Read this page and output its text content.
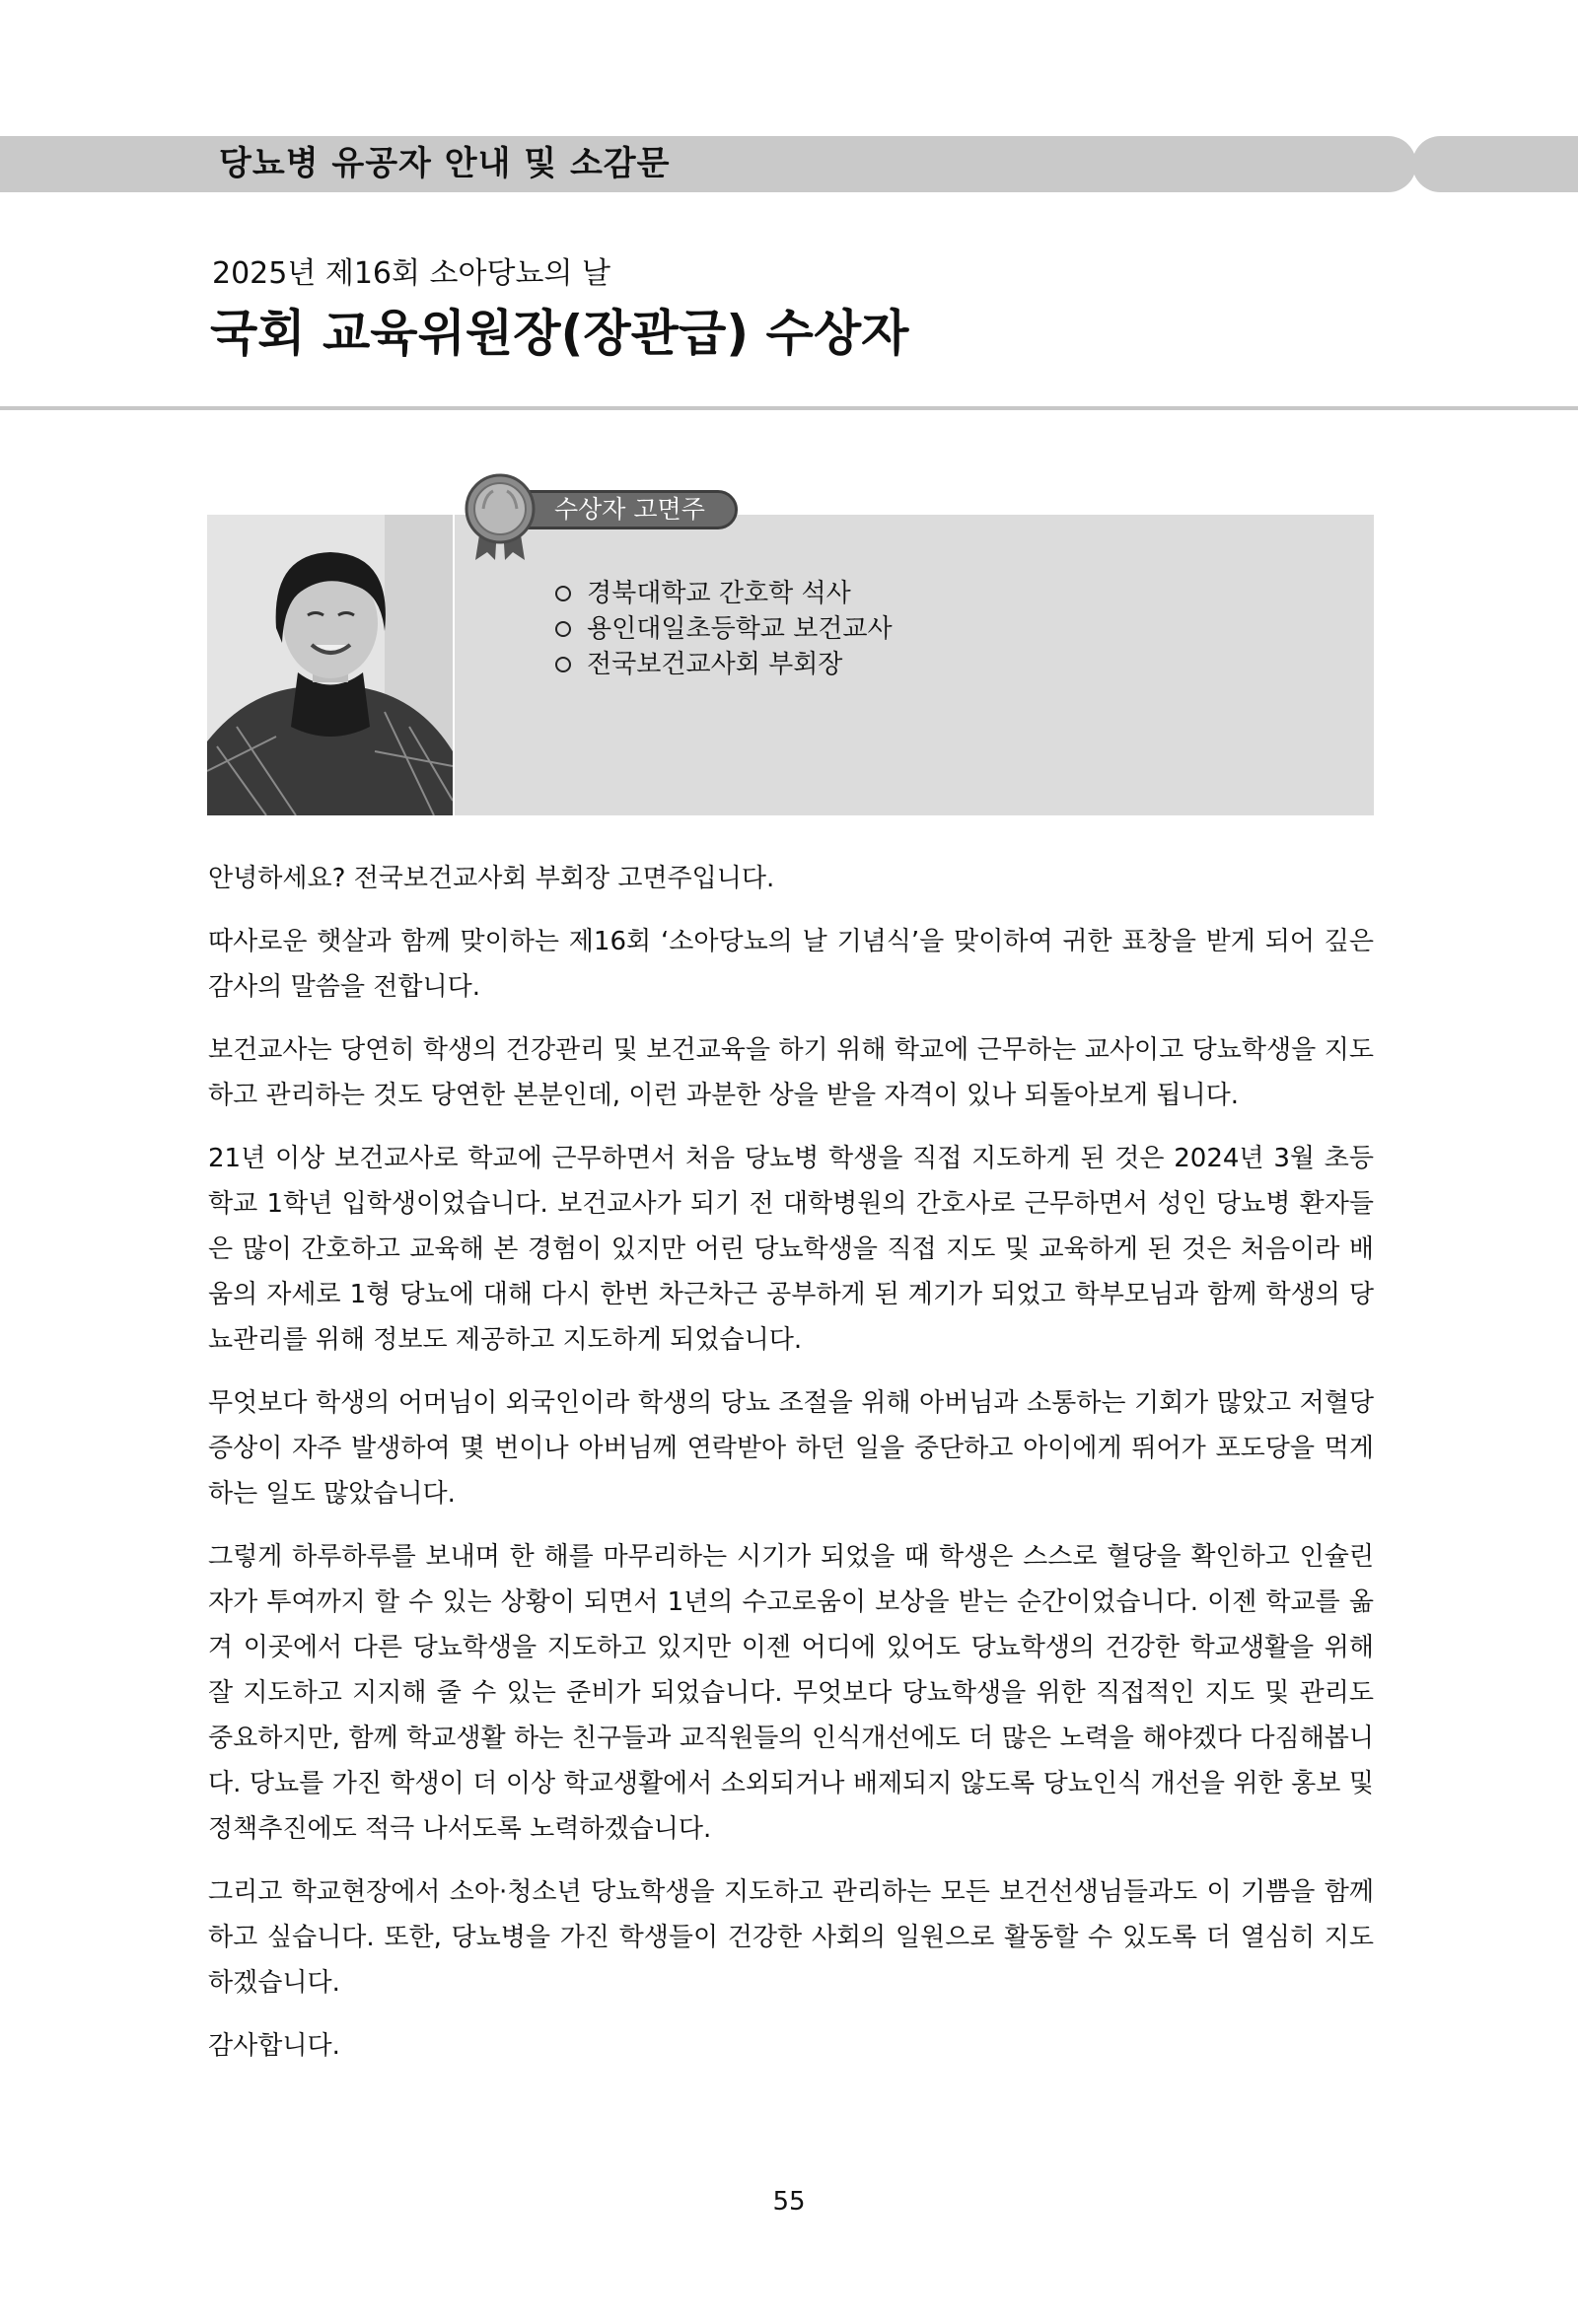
당뇨병 유공자 안내 및 소감문
2025년 제16회 소아당뇨의 날
국회 교육위원장(장관급) 수상자
수상자 고면주
경북대학교 간호학 석사
용인대일초등학교 보건교사
전국보건교사회 부회장

안녕하세요? 전국보건교사회 부회장 고면주입니다.

따사로운 햇살과 함께 맞이하는 제16회 ‘소아당뇨의 날 기념식’을 맞이하여 귀한 표창을 받게 되어 깊은 감사의 말씀을 전합니다.

보건교사는 당연히 학생의 건강관리 및 보건교육을 하기 위해 학교에 근무하는 교사이고 당뇨학생을 지도하고 관리하는 것도 당연한 본분인데, 이런 과분한 상을 받을 자격이 있나 되돌아보게 됩니다.

21년 이상 보건교사로 학교에 근무하면서 처음 당뇨병 학생을 직접 지도하게 된 것은 2024년 3월 초등학교 1학년 입학생이었습니다. 보건교사가 되기 전 대학병원의 간호사로 근무하면서 성인 당뇨병 환자들은 많이 간호하고 교육해 본 경험이 있지만 어린 당뇨학생을 직접 지도 및 교육하게 된 것은 처음이라 배움의 자세로 1형 당뇨에 대해 다시 한번 차근차근 공부하게 된 계기가 되었고 학부모님과 함께 학생의 당뇨관리를 위해 정보도 제공하고 지도하게 되었습니다.

무엇보다 학생의 어머님이 외국인이라 학생의 당뇨 조절을 위해 아버님과 소통하는 기회가 많았고 저혈당 증상이 자주 발생하여 몇 번이나 아버님께 연락받아 하던 일을 중단하고 아이에게 뛰어가 포도당을 먹게 하는 일도 많았습니다.

그렇게 하루하루를 보내며 한 해를 마무리하는 시기가 되었을 때 학생은 스스로 혈당을 확인하고 인슐린 자가 투여까지 할 수 있는 상황이 되면서 1년의 수고로움이 보상을 받는 순간이었습니다. 이젠 학교를 옮겨 이곳에서 다른 당뇨학생을 지도하고 있지만 이젠 어디에 있어도 당뇨학생의 건강한 학교생활을 위해 잘 지도하고 지지해 줄 수 있는 준비가 되었습니다. 무엇보다 당뇨학생을 위한 직접적인 지도 및 관리도 중요하지만, 함께 학교생활 하는 친구들과 교직원들의 인식개선에도 더 많은 노력을 해야겠다 다짐해봅니다. 당뇨를 가진 학생이 더 이상 학교생활에서 소외되거나 배제되지 않도록 당뇨인식 개선을 위한 홍보 및 정책추진에도 적극 나서도록 노력하겠습니다.

그리고 학교현장에서 소아·청소년 당뇨학생을 지도하고 관리하는 모든 보건선생님들과도 이 기쁨을 함께 하고 싶습니다. 또한, 당뇨병을 가진 학생들이 건강한 사회의 일원으로 활동할 수 있도록 더 열심히 지도하겠습니다.

감사합니다.

55
